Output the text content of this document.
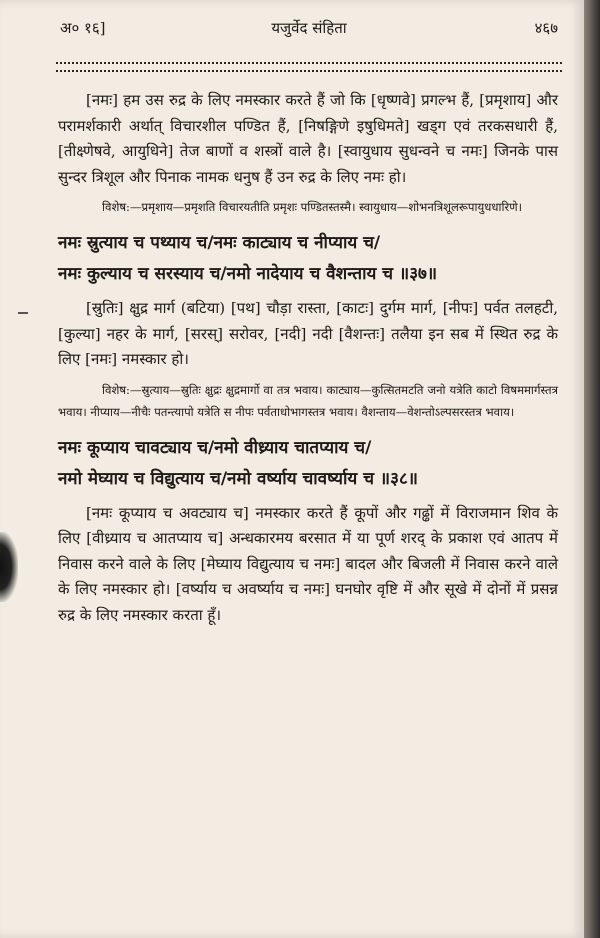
अ० १६]	यजुर्वेद संहिता	४६७

[नमः] हम उस रुद्र के लिए नमस्कार करते हैं जो कि [धृष्णवे] प्रगल्भ हैं, [प्रमृशाय] और परामर्शकारी अर्थात् विचारशील पण्डित हैं, [निषङ्गिणे इषुधिमते] खड्ग एवं तरकसधारी हैं, [तीक्ष्णेषवे, आयुधिने] तेज बाणों व शस्त्रों वाले है। [स्वायुधाय सुधन्वने च नमः] जिनके पास सुन्दर त्रिशूल और पिनाक नामक धनुष हैं उन रुद्र के लिए नमः हो।

विशेष:—प्रमृशाय—प्रमृशति विचारयतीति प्रमृशः पण्डितस्तस्मै। स्वायुधाय—शोभनत्रिशूलरूपायुधधारिणे।

नमः स्रुत्याय च पथ्याय च/नमः काट्याय च नीप्याय च/
नमः कुल्याय च सरस्याय च/नमो नादेयाय च वैशन्ताय च ॥३७॥

[स्रुतिः] क्षुद्र मार्ग (बटिया) [पथ] चौड़ा रास्ता, [काटः] दुर्गम मार्ग, [नीपः] पर्वत तलहटी, [कुल्या] नहर के मार्ग, [सरस्] सरोवर, [नदी] नदी [वैशन्तः] तलैया इन सब में स्थित रुद्र के लिए [नमः] नमस्कार हो।

विशेष:—स्रुत्याय—स्रुतिः क्षुद्रः क्षुद्रमार्गो वा तत्र भवाय। काट्याय—कुत्सितमटति जनो यत्रेति काटो विषममार्गस्तत्र भवाय। नीप्याय—नीचैः पतन्त्यापो यत्रेति स नीपः पर्वताधोभागस्तत्र भवाय। वैशन्ताय—वेशन्तोऽल्पसरस्तत्र भवाय।

नमः कूप्याय चावट्याय च/नमो वीध्र्याय चातप्याय च/
नमो मेघ्याय च विद्युत्याय च/नमो वर्ष्याय चावर्ष्याय च ॥३८॥

[नमः कूप्याय च अवट्याय च] नमस्कार करते हैं कूपों और गढ्ढों में विराजमान शिव के लिए [वीध्र्याय च आतप्याय च] अन्धकारमय बरसात में या पूर्ण शरद् के प्रकाश एवं आतप में निवास करने वाले के लिए [मेघ्याय विद्युत्याय च नमः] बादल और बिजली में निवास करने वाले के लिए नमस्कार हो। [वर्ष्याय च अवर्ष्याय च नमः] घनघोर वृष्टि में और सूखे में दोनों में प्रसन्न रुद्र के लिए नमस्कार करता हूँ।
